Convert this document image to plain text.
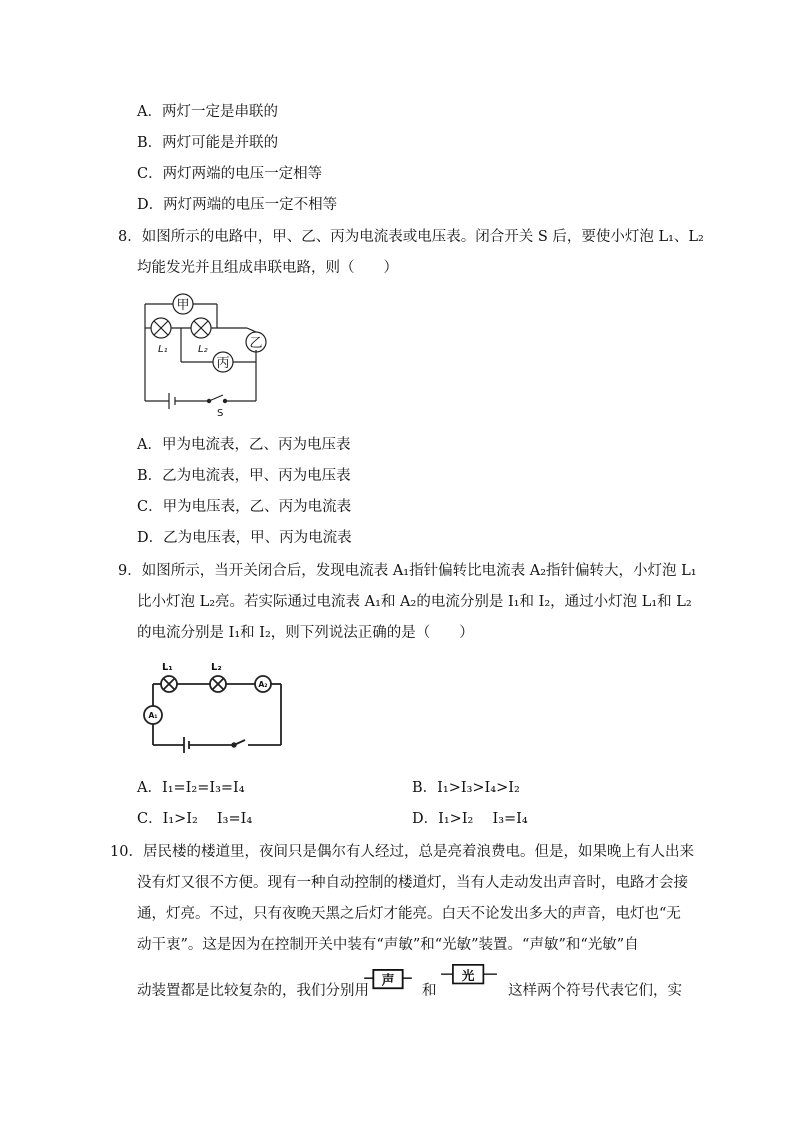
A．两灯一定是串联的
B．两灯可能是并联的
C．两灯两端的电压一定相等
D．两灯两端的电压一定不相等
8．如图所示的电路中，甲、乙、丙为电流表或电压表。闭合开关 S 后，要使小灯泡 L₁、L₂
均能发光并且组成串联电路，则（　　）
甲
乙
丙
L₁	L₂
S
A．甲为电流表，乙、丙为电压表
B．乙为电流表，甲、丙为电压表
C．甲为电压表，乙、丙为电流表
D．乙为电压表，甲、丙为电流表
9．如图所示，当开关闭合后，发现电流表 A₁指针偏转比电流表 A₂指针偏转大，小灯泡 L₁
比小灯泡 L₂亮。若实际通过电流表 A₁和 A₂的电流分别是 I₁和 I₂，通过小灯泡 L₁和 L₂
的电流分别是 I₁和 I₂，则下列说法正确的是（　　）
L₁	L₂
A₁
A₂
A．I₁=I₂=I₃=I₄	B．I₁>I₃>I₄>I₂
C．I₁>I₂　 I₃=I₄	D．I₁>I₂　 I₃=I₄
10．居民楼的楼道里，夜间只是偶尔有人经过，总是亮着浪费电。但是，如果晚上有人出来
没有灯又很不方便。现有一种自动控制的楼道灯，当有人走动发出声音时，电路才会接
通，灯亮。不过，只有夜晚天黑之后灯才能亮。白天不论发出多大的声音，电灯也“无
动干衷”。这是因为在控制开关中装有“声敏”和“光敏”装置。“声敏”和“光敏”自
动装置都是比较复杂的，我们分别用
声
和
光
这样两个符号代表它们，实
